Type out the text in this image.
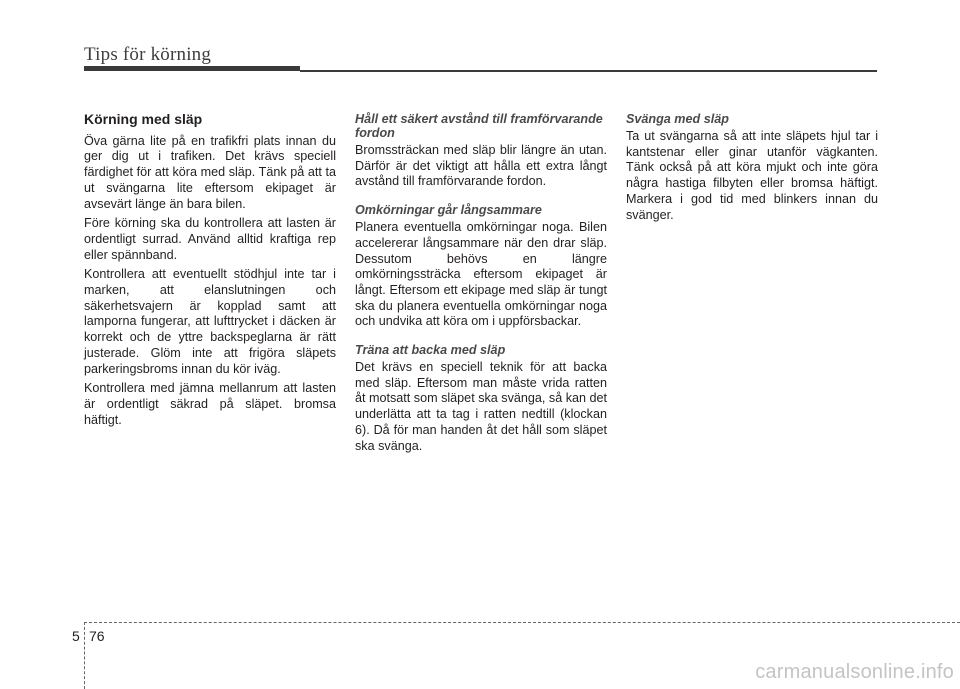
Tips för körning
Körning med släp

Öva gärna lite på en trafikfri plats innan du ger dig ut i trafiken. Det krävs speciell färdighet för att köra med släp. Tänk på att ta ut svängarna lite eftersom ekipaget är avsevärt länge än bara bilen.

Före körning ska du kontrollera att lasten är ordentligt surrad. Använd alltid kraftiga rep eller spännband.

Kontrollera att eventuellt stödhjul inte tar i marken, att elanslutningen och säkerhetsvajern är kopplad samt att lamporna fungerar, att lufttrycket i däcken är korrekt och de yttre backspeglarna är rätt justerade. Glöm inte att frigöra släpets parkeringsbroms innan du kör iväg.

Kontrollera med jämna mellanrum att lasten är ordentligt säkrad på släpet. bromsa häftigt.

Håll ett säkert avstånd till framförvarande fordon

Bromssträckan med släp blir längre än utan. Därför är det viktigt att hålla ett extra långt avstånd till framförvarande fordon.

Omkörningar går långsammare

Planera eventuella omkörningar noga. Bilen accelererar långsammare när den drar släp. Dessutom behövs en längre omkörningssträcka eftersom ekipaget är långt. Eftersom ett ekipage med släp är tungt ska du planera eventuella omkörningar noga och undvika att köra om i uppförsbackar.

Träna att backa med släp

Det krävs en speciell teknik för att backa med släp. Eftersom man måste vrida ratten åt motsatt som släpet ska svänga, så kan det underlätta att ta tag i ratten nedtill (klockan 6). Då för man handen åt det håll som släpet ska svänga.

Svänga med släp

Ta ut svängarna så att inte släpets hjul tar i kantstenar eller ginar utanför vägkanten. Tänk också på att köra mjukt och inte göra några hastiga filbyten eller bromsa häftigt. Markera i god tid med blinkers innan du svänger.

5 76
carmanualsonline.info
